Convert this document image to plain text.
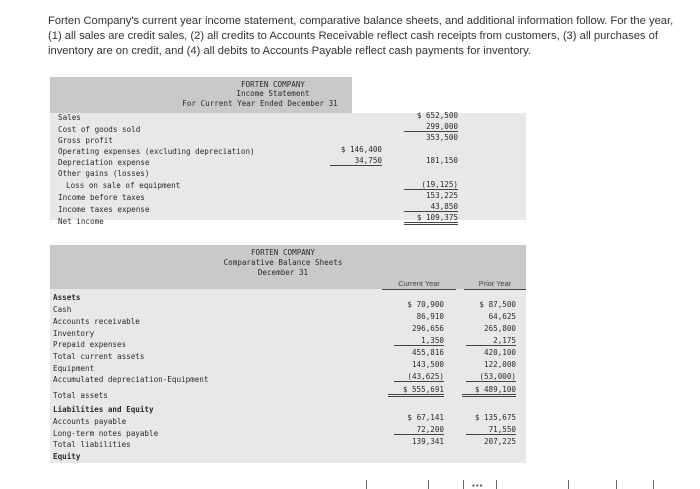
Forten Company's current year income statement, comparative balance sheets, and additional information follow. For the year, (1) all sales are credit sales, (2) all credits to Accounts Receivable reflect cash receipts from customers, (3) all purchases of inventory are on credit, and (4) all debits to Accounts Payable reflect cash payments for inventory.
FORTEN COMPANY
Income Statement
For Current Year Ended December 31
Sales
Cost of goods sold
Gross profit
Operating expenses (excluding depreciation)
Depreciation expense
Other gains (losses)
Loss on sale of equipment
Income before taxes
Income taxes expense
Net income
$ 146,400
34,750
$ 652,500
299,000
353,500
181,150
(19,125)
153,225
43,850
$ 109,375
FORTEN COMPANY
Comparative Balance Sheets
December 31
Current Year	Prior Year
Assets
Cash
Accounts receivable
Inventory
Prepaid expenses
Total current assets
Equipment
Accumulated depreciation-Equipment
Total assets
Liabilities and Equity
Accounts payable
Long-term notes payable
Total liabilities
Equity
$ 70,900
86,910
296,656
1,350
455,816
143,500
(43,625)
$ 555,691
$ 67,141
72,200
139,341
$ 87,500
64,625
265,800
2,175
420,100
122,000
(53,000)
$ 489,100
$ 135,675
71,550
207,225
▪▪▪
